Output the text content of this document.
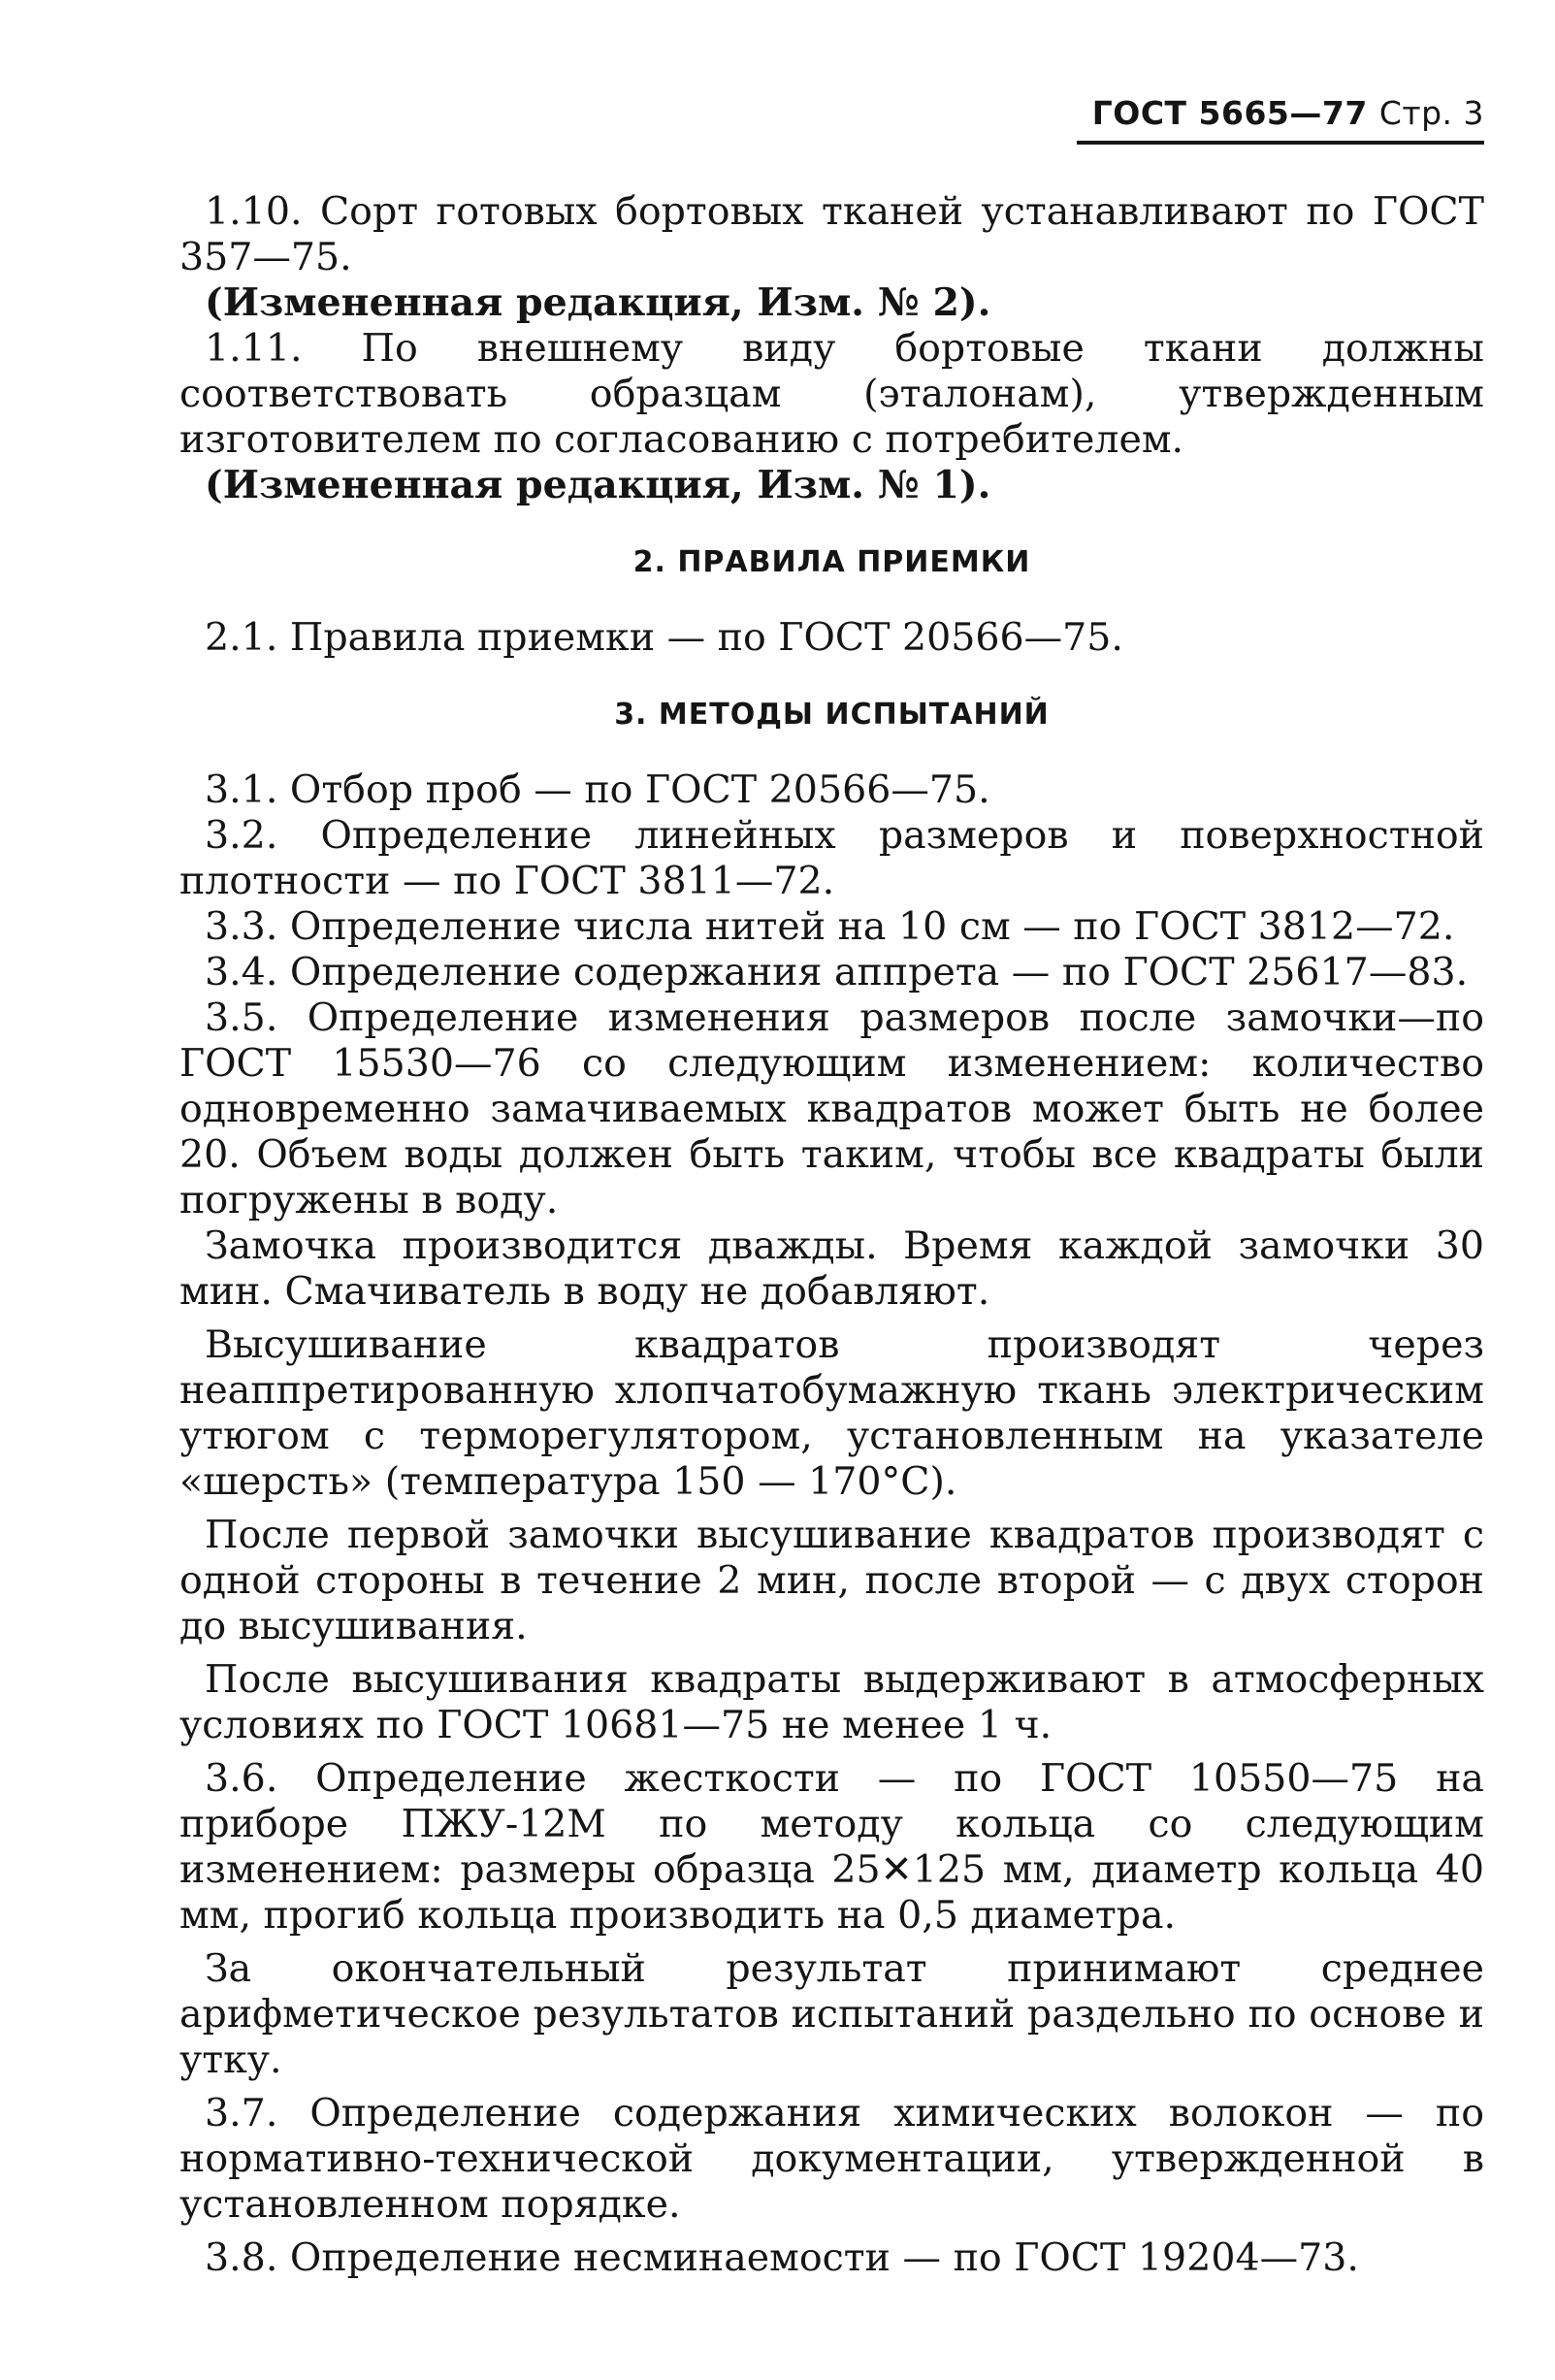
ГОСТ 5665—77 Стр. 3

1.10. Сорт готовых бортовых тканей устанавливают по ГОСТ 357—75.

(Измененная редакция, Изм. № 2).

1.11. По внешнему виду бортовые ткани должны соответствовать образцам (эталонам), утвержденным изготовителем по согласованию с потребителем.

(Измененная редакция, Изм. № 1).

2. ПРАВИЛА ПРИЕМКИ

2.1. Правила приемки — по ГОСТ 20566—75.

3. МЕТОДЫ ИСПЫТАНИЙ

3.1. Отбор проб — по ГОСТ 20566—75.

3.2. Определение линейных размеров и поверхностной плотности — по ГОСТ 3811—72.

3.3. Определение числа нитей на 10 см — по ГОСТ 3812—72.

3.4. Определение содержания аппрета — по ГОСТ 25617—83.

3.5. Определение изменения размеров после замочки—по ГОСТ 15530—76 со следующим изменением: количество одновременно замачиваемых квадратов может быть не более 20. Объем воды должен быть таким, чтобы все квадраты были погружены в воду.

Замочка производится дважды. Время каждой замочки 30 мин. Смачиватель в воду не добавляют.

Высушивание квадратов производят через неаппретированную хлопчатобумажную ткань электрическим утюгом с терморегулятором, установленным на указателе «шерсть» (температура 150 — 170°С).

После первой замочки высушивание квадратов производят с одной стороны в течение 2 мин, после второй — с двух сторон до высушивания.

После высушивания квадраты выдерживают в атмосферных условиях по ГОСТ 10681—75 не менее 1 ч.

3.6. Определение жесткости — по ГОСТ 10550—75 на приборе ПЖУ-12М по методу кольца со следующим изменением: размеры образца 25✕125 мм, диаметр кольца 40 мм, прогиб кольца производить на 0,5 диаметра.

За окончательный результат принимают среднее арифметическое результатов испытаний раздельно по основе и утку.

3.7. Определение содержания химических волокон — по нормативно-технической документации, утвержденной в установленном порядке.

3.8. Определение несминаемости — по ГОСТ 19204—73.
